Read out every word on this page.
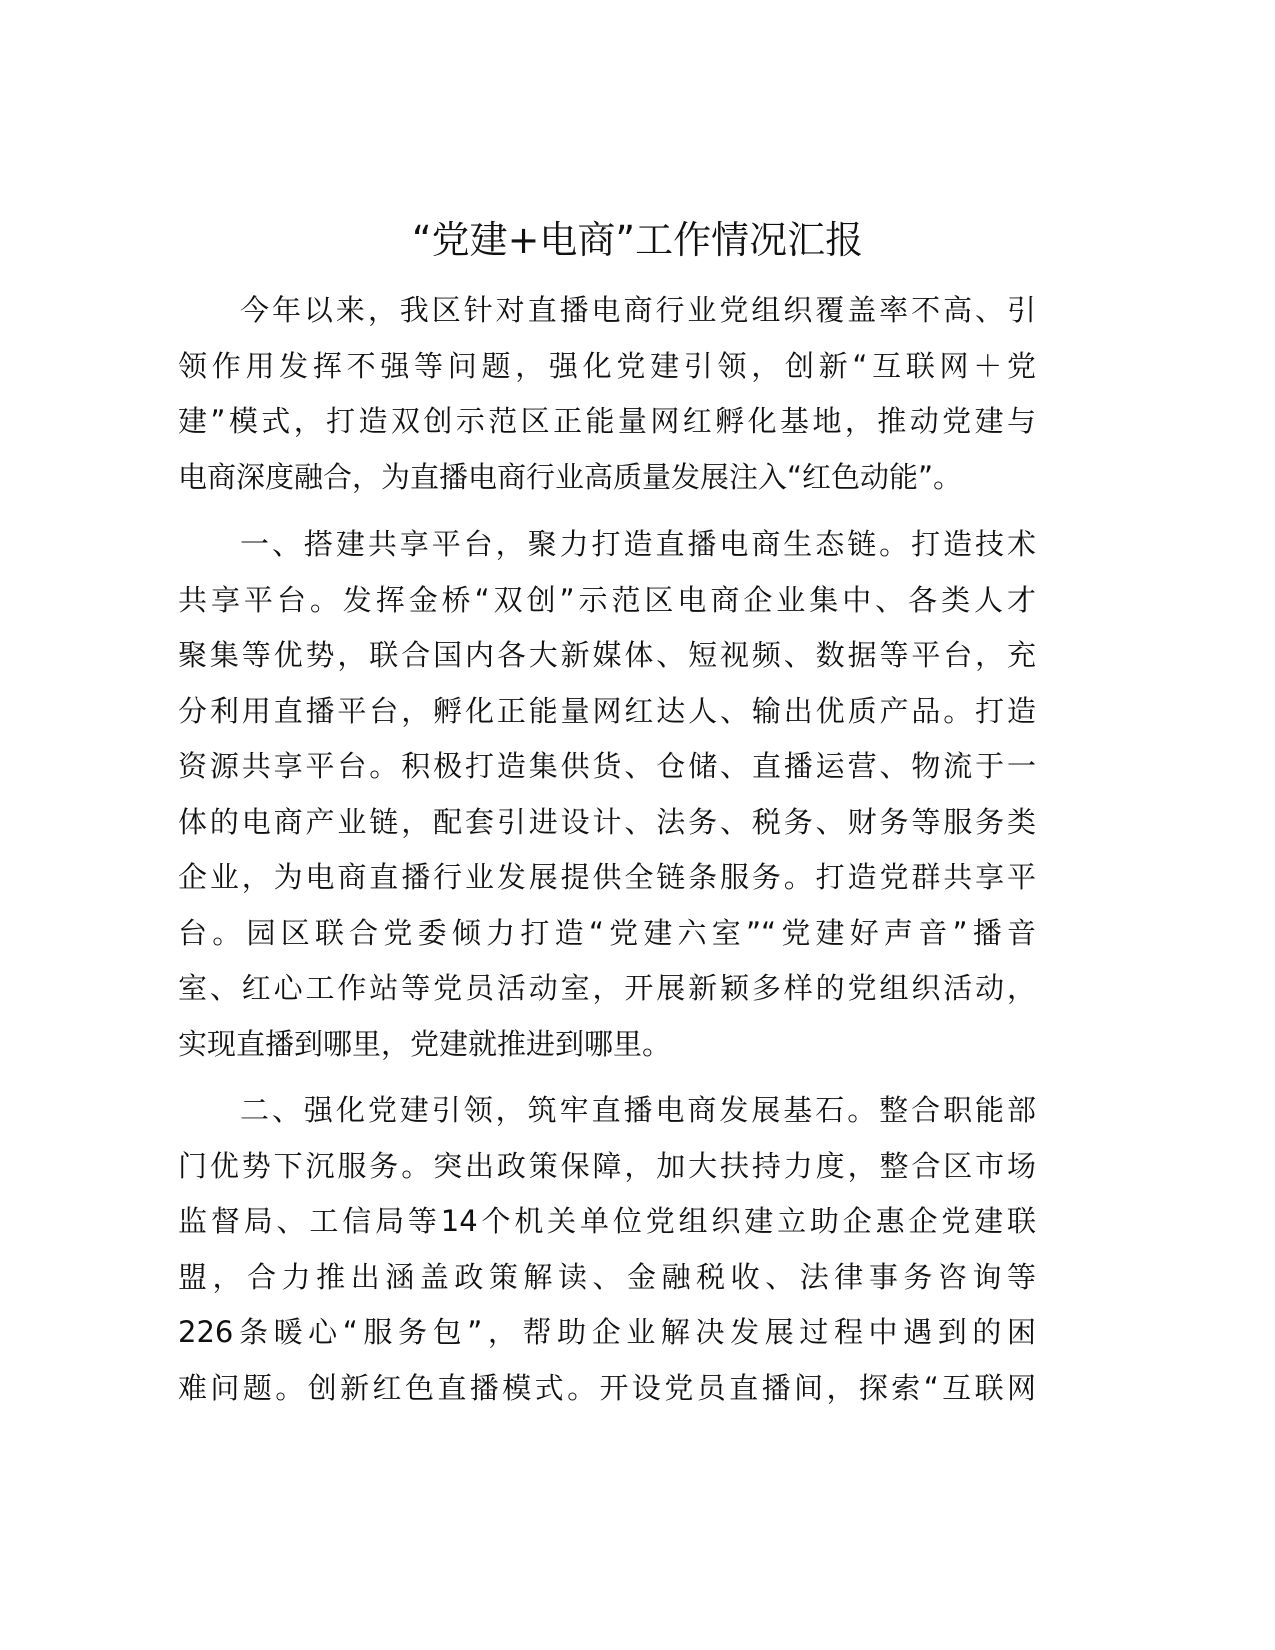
“党建+电商”工作情况汇报
今年以来，我区针对直播电商行业党组织覆盖率不高、引
领作用发挥不强等问题，强化党建引领，创新“互联网＋党
建”模式，打造双创示范区正能量网红孵化基地，推动党建与
电商深度融合，为直播电商行业高质量发展注入“红色动能”。
一、搭建共享平台，聚力打造直播电商生态链。打造技术
共享平台。发挥金桥“双创”示范区电商企业集中、各类人才
聚集等优势，联合国内各大新媒体、短视频、数据等平台，充
分利用直播平台，孵化正能量网红达人、输出优质产品。打造
资源共享平台。积极打造集供货、仓储、直播运营、物流于一
体的电商产业链，配套引进设计、法务、税务、财务等服务类
企业，为电商直播行业发展提供全链条服务。打造党群共享平
台。园区联合党委倾力打造“党建六室”“党建好声音”播音
室、红心工作站等党员活动室，开展新颖多样的党组织活动，
实现直播到哪里，党建就推进到哪里。
二、强化党建引领，筑牢直播电商发展基石。整合职能部
门优势下沉服务。突出政策保障，加大扶持力度，整合区市场
监督局、工信局等14个机关单位党组织建立助企惠企党建联
盟，合力推出涵盖政策解读、金融税收、法律事务咨询等
226条暖心“服务包”，帮助企业解决发展过程中遇到的困
难问题。创新红色直播模式。开设党员直播间，探索“互联网
